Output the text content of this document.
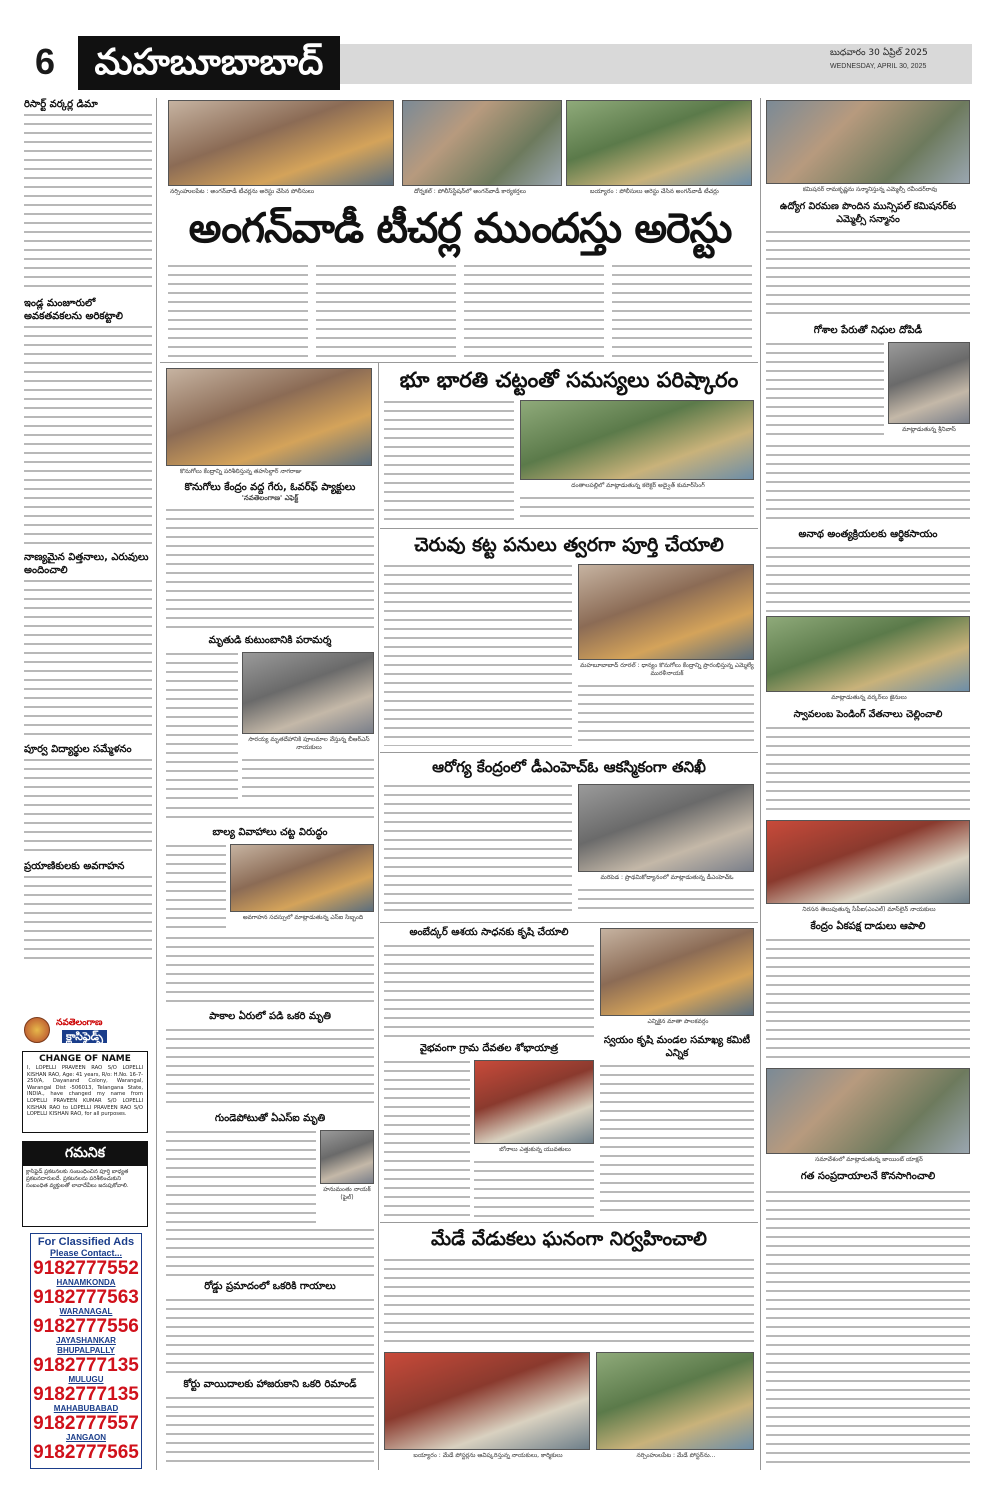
6	మహబూబాబాద్	బుధవారం 30 ఏప్రిల్ 2025
WEDNESDAY, APRIL 30, 2025
రిసార్ట్ వర్కర్ల డిమా
ఇండ్ల మంజూరులో అవకతవకలను అరికట్టాలి
నాణ్యమైన విత్తనాలు, ఎరువులు అందించాలి
పూర్వ విద్యార్థుల సమ్మేళనం
ప్రయాణికులకు అవగాహన
నర్సింహులపేట : అంగన్‌వాడీ టీచర్లను అరెస్టు చేసిన పోలీసులు	దోర్నకల్ : పోలీస్‌స్టేషన్‌లో అంగన్‌వాడీ కార్యకర్తలు	బయ్యారం : పోలీసులు అరెస్టు చేసిన అంగన్‌వాడీ టీచర్లు
అంగన్‌వాడీ టీచర్ల ముందస్తు అరెస్టు
కొనుగోలు కేంద్రాన్ని పరిశీలిస్తున్న తహసిల్దార్ నాగరాజు
కొనుగోలు కేంద్రం వద్ద గేరు, ఓవర్‌ఫ్ ప్యాక్టులు
'నవతెలంగాణ' ఎఫెక్ట్
మృతుడి కుటుంబానికి పరామర్శ
సారయ్య మృతదేహానికి పూలమాల వేస్తున్న బీఆర్ఎస్ నాయకులు
బాల్య వివాహాలు చట్ట విరుద్ధం
అవగాహన సదస్సులో మాట్లాడుతున్న ఎస్ఐ సిబ్బంది
పాకాల ఏరులో పడి ఒకరి మృతి
గుండెపోటుతో ఏఎస్ఐ మృతి
హనుమంతు నాయక్ (ఫైల్)
రోడ్డు ప్రమాదంలో ఒకరికి గాయాలు
కోర్టు వాయిదాలకు హాజరుకాని ఒకరి రిమాండ్
భూ భారతి చట్టంతో సమస్యలు పరిష్కారం
దంతాలపల్లిలో మాట్లాడుతున్న కలెక్టర్ అద్వైత్ కుమార్‌సింగ్
చెరువు కట్ట పనులు త్వరగా పూర్తి చేయాలి
మహబూబాబాద్ రూరల్ : ధాన్యం కొనుగోలు కేంద్రాన్ని ప్రారంభిస్తున్న ఎమ్మెల్యే మురళీనాయక్
ఆరోగ్య కేంద్రంలో డీఎంహెచ్‌ఓ ఆకస్మికంగా తనిఖీ
మరిపెడ : ప్రాథమికోద్యానంలో మాట్లాడుతున్న డీఎంహెచ్‌ఓ
అంబేద్కర్ ఆశయ సాధనకు కృషి చేయాలి
ఎన్నికైన మాతా పాలకవర్గం
వైభవంగా గ్రామ దేవతల శోభాయాత్ర
బోనాలు ఎత్తుకున్న యువతులు
స్వయం కృషి మండల సమాఖ్య కమిటీ ఎన్నిక
మేడే వేడుకలు ఘనంగా నిర్వహించాలి
బయ్యారం : మేడే పోస్టర్లను ఆవిష్కరిస్తున్న నాయకులు, కార్మికులు	నర్సింహులపేట : మేడే పోస్టర్‌ను...
కమిషనర్ రామకృష్ణను సన్మానిస్తున్న ఎమ్మెల్సీ రవీందర్‌రావు
ఉద్యోగ విరమణ పొందిన మున్సిపల్ కమిషనర్‌కు ఎమ్మెల్సీ సన్మానం
గోశాల పేరుతో నిధుల దోపిడీ
మాట్లాడుతున్న శ్రీనివాస్
అనాథ అంత్యక్రియలకు ఆర్థికసాయం
మాట్లాడుతున్న వర్కర్‌లు జైనులు
స్వావలంబ పెండింగ్ వేతనాలు చెల్లించాలి
నిరసన తెలుపుతున్న సీపీఐ(ఎంఎల్) మాస్‌లైన్ నాయకులు
కేంద్రం ఏకపక్ష దాడులు ఆపాలి
సమావేశంలో మాట్లాడుతున్న జాయింట్ యాక్షన్
గత సంప్రదాయాలనే కొనసాగించాలి
నవతెలంగాణ
క్లాసిఫైడ్స్
CHANGE OF NAME
I, LOPELLI PRAVEEN RAO S/O LOPELLI KISHAN RAO, Age: 41 years, R/o: H.No. 16-7-250/A, Dayanand Colony, Warangal, Warangal Dist -506013, Telangana State, INDIA., have changed my name from LOPELLI PRAVEEN KUMAR S/O LOPELLI KISHAN RAO to LOPELLI PRAVEEN RAO S/O LOPELLI KISHAN RAO, for all purposes.
గమనిక
క్లాసిఫైడ్ ప్రకటనలకు సంబంధించిన పూర్తి బాధ్యత ప్రకటనదారులదే. ప్రకటనలను పరిశీలించుకుని సంబంధిత వ్యక్తులతో లావాదేవీలు జరుపుకోవాలి.
For Classified Ads
Please Contact...
9182777552
HANAMKONDA
9182777563
WARANAGAL
9182777556
JAYASHANKAR BHUPALPALLY
9182777135
MULUGU
9182777135
MAHABUBABAD
9182777557
JANGAON
9182777565
